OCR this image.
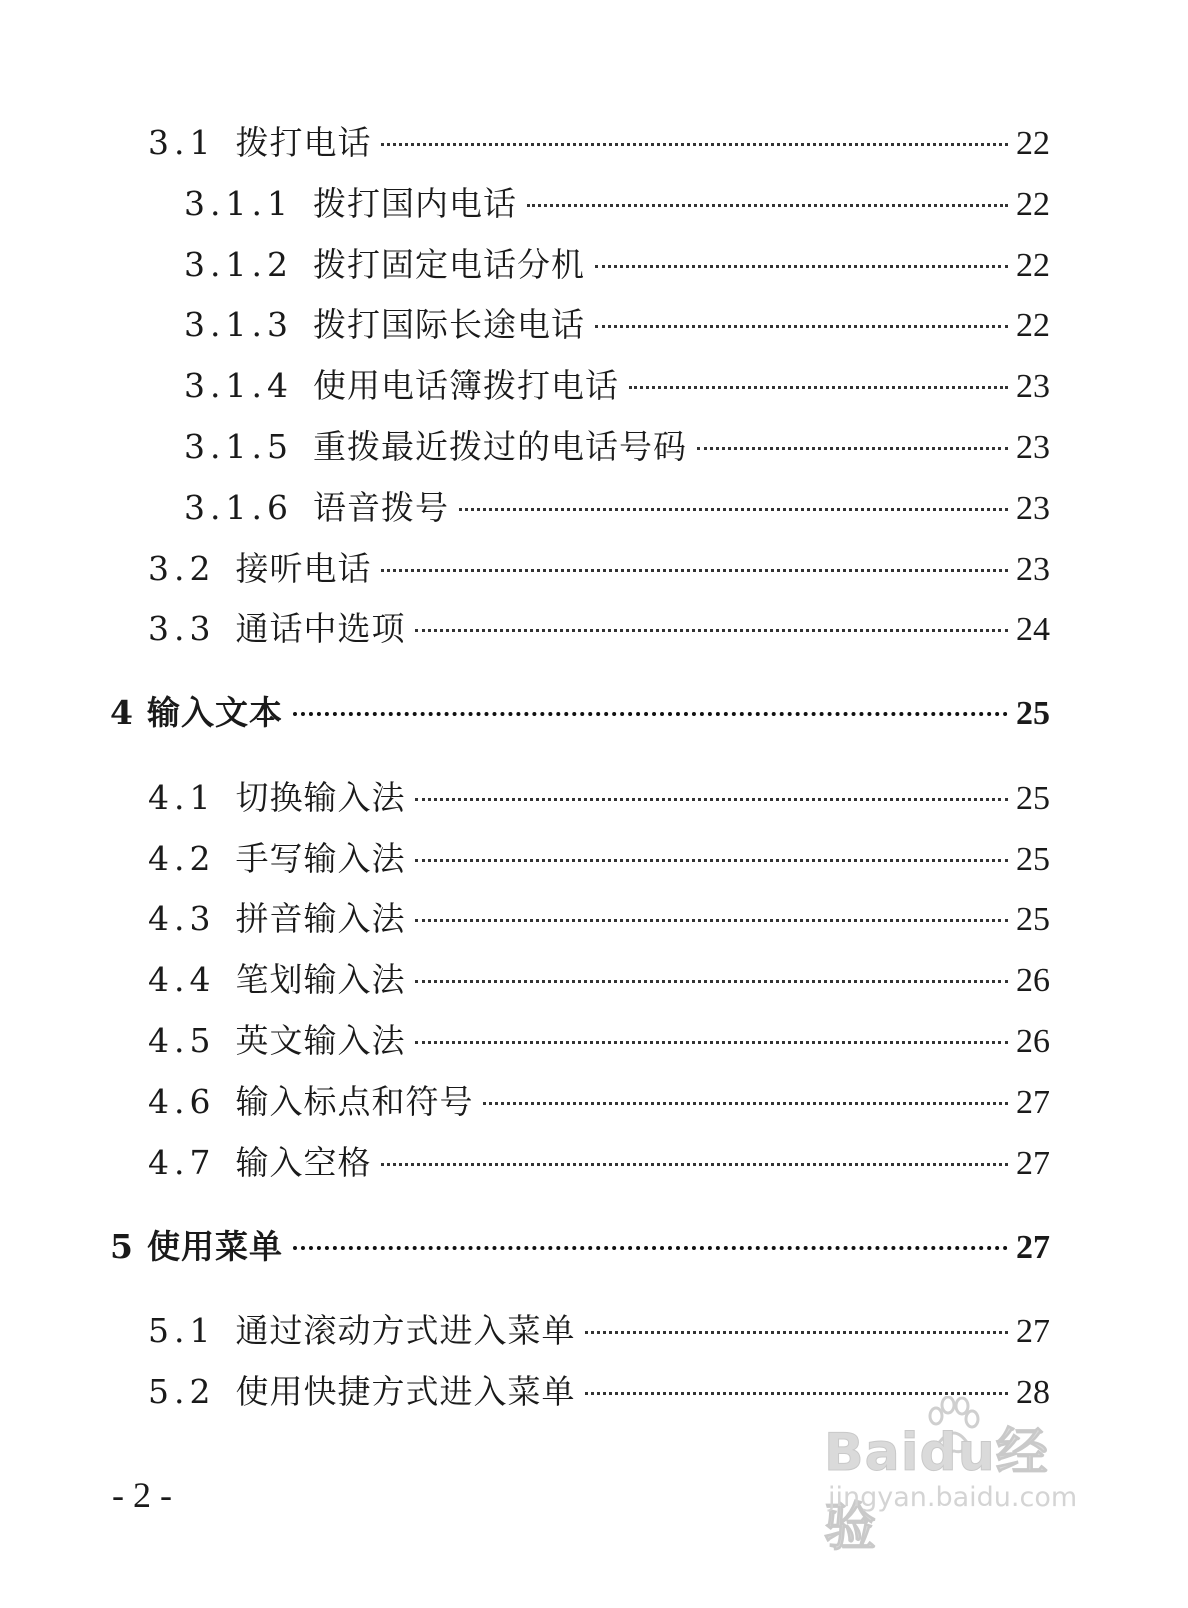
3.1 拨打电话	22
3.1.1 拨打国内电话	22
3.1.2 拨打固定电话分机	22
3.1.3 拨打国际长途电话	22
3.1.4 使用电话簿拨打电话	23
3.1.5 重拨最近拨过的电话号码	23
3.1.6 语音拨号	23
3.2 接听电话	23
3.3 通话中选项	24
4 输入文本	25
4.1 切换输入法	25
4.2 手写输入法	25
4.3 拼音输入法	25
4.4 笔划输入法	26
4.5 英文输入法	26
4.6 输入标点和符号	27
4.7 输入空格	27
5 使用菜单	27
5.1 通过滚动方式进入菜单	27
5.2 使用快捷方式进入菜单	28
- 2 -
Baidu经验
jingyan.baidu.com
